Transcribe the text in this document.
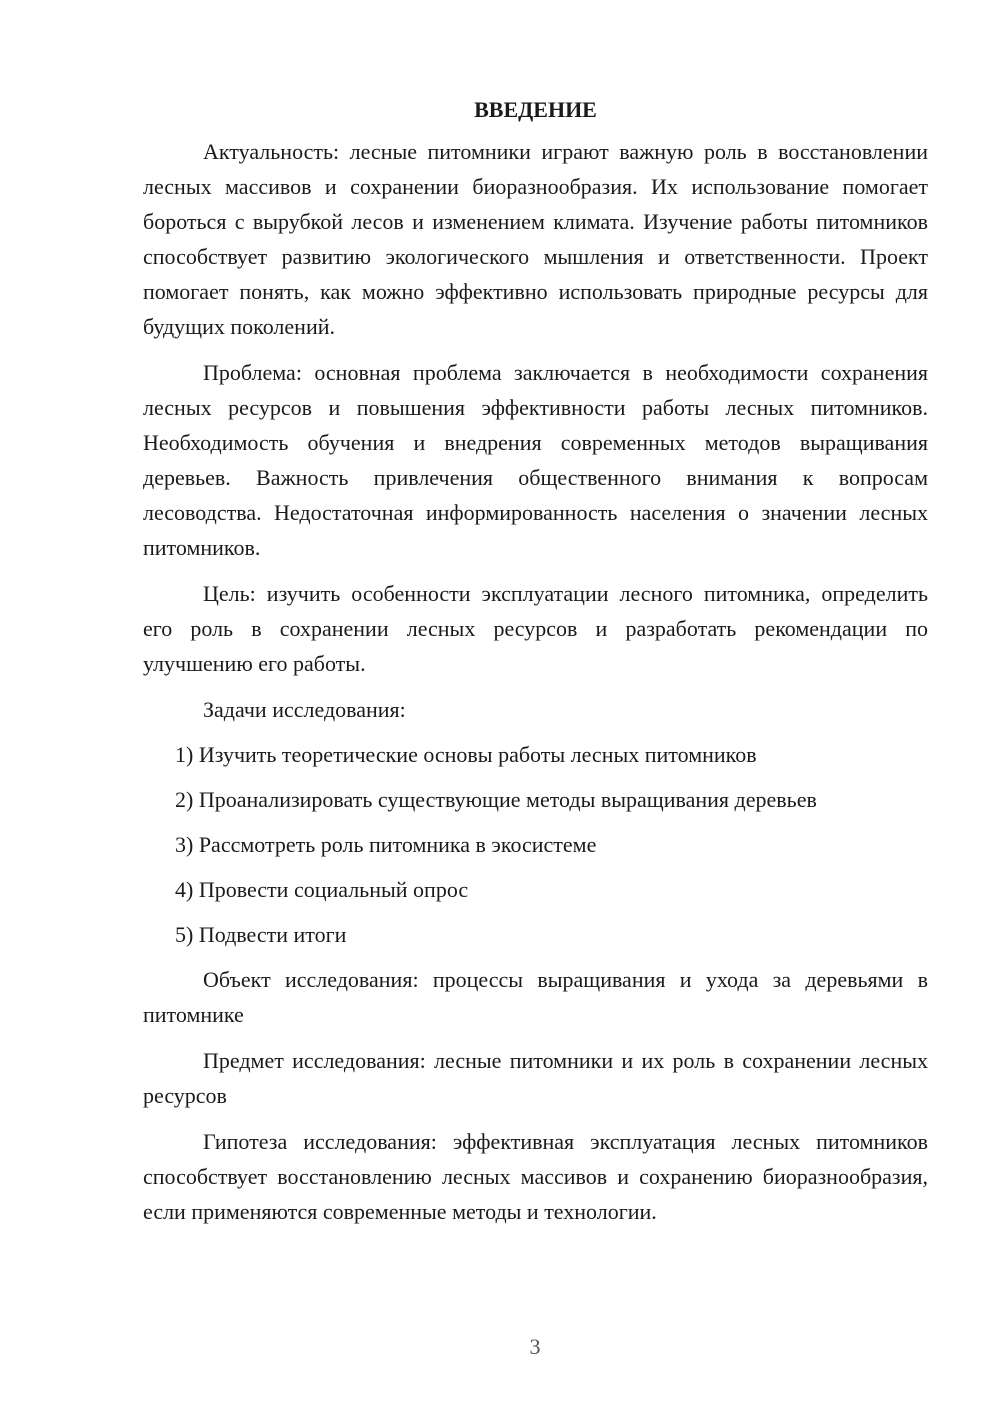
ВВЕДЕНИЕ

Актуальность: лесные питомники играют важную роль в восстановлении лесных массивов и сохранении биоразнообразия. Их использование помогает бороться с вырубкой лесов и изменением климата. Изучение работы питомников способствует развитию экологического мышления и ответственности. Проект помогает понять, как можно эффективно использовать природные ресурсы для будущих поколений.

Проблема: основная проблема заключается в необходимости сохранения лесных ресурсов и повышения эффективности работы лесных питомников. Необходимость обучения и внедрения современных методов выращивания деревьев. Важность привлечения общественного внимания к вопросам лесоводства. Недостаточная информированность населения о значении лесных питомников.

Цель: изучить особенности эксплуатации лесного питомника, определить его роль в сохранении лесных ресурсов и разработать рекомендации по улучшению его работы.

Задачи исследования:
1) Изучить теоретические основы работы лесных питомников
2) Проанализировать существующие методы выращивания деревьев
3) Рассмотреть роль питомника в экосистеме
4) Провести социальный опрос
5) Подвести итоги

Объект исследования: процессы выращивания и ухода за деревьями в питомнике

Предмет исследования: лесные питомники и их роль в сохранении лесных ресурсов

Гипотеза исследования: эффективная эксплуатация лесных питомников способствует восстановлению лесных массивов и сохранению биоразнообразия, если применяются современные методы и технологии.

3
